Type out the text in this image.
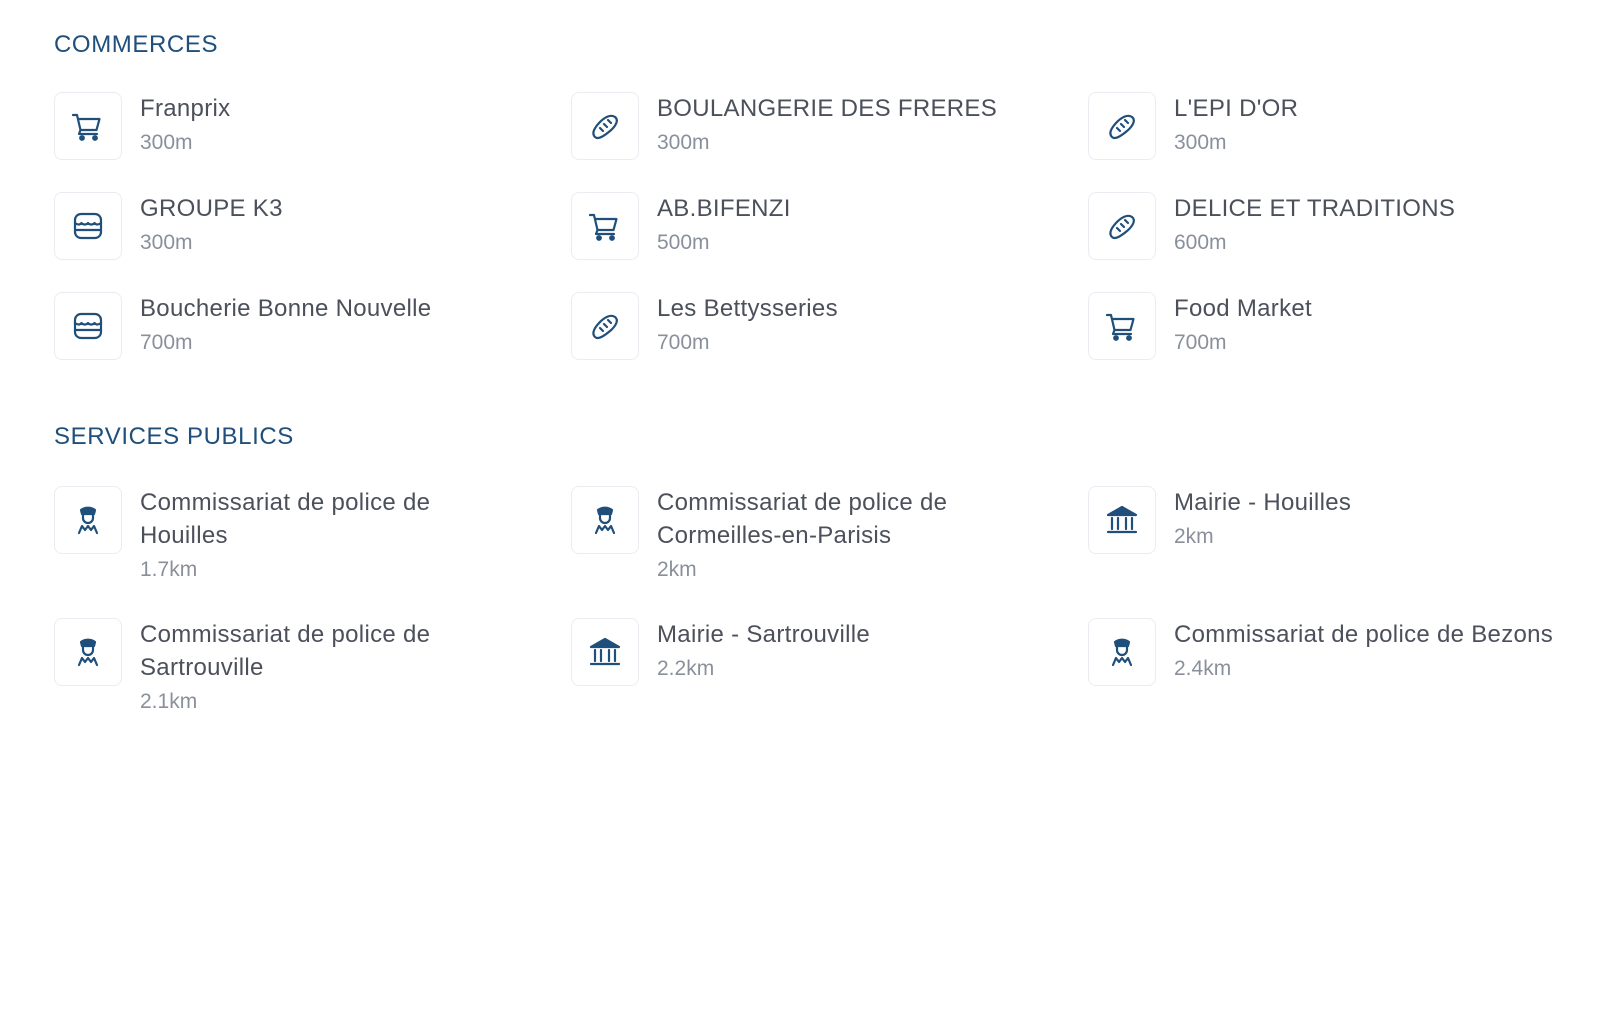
COMMERCES
Franprix
300m
BOULANGERIE DES FRERES
300m
L'EPI D'OR
300m
GROUPE K3
300m
AB.BIFENZI
500m
DELICE ET TRADITIONS
600m
Boucherie Bonne Nouvelle
700m
Les Bettysseries
700m
Food Market
700m
SERVICES PUBLICS
Commissariat de police de Houilles
1.7km
Commissariat de police de Cormeilles-en-Parisis
2km
Mairie - Houilles
2km
Commissariat de police de Sartrouville
2.1km
Mairie - Sartrouville
2.2km
Commissariat de police de Bezons
2.4km
